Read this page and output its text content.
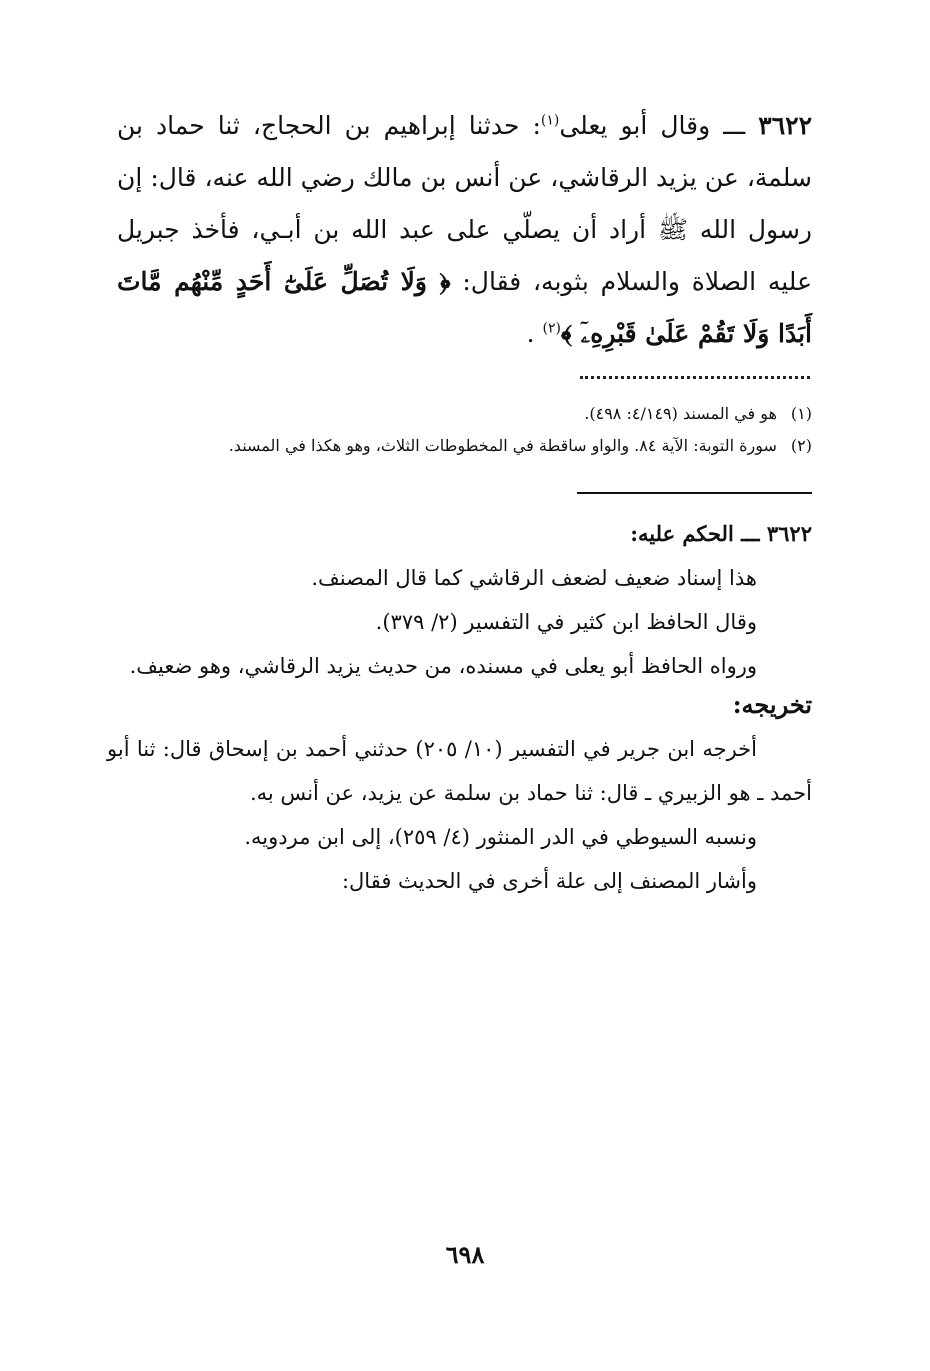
٣٦٢٢ ـــ وقال أبو يعلى$^{(١)}$: حدثنا إبراهيم بن الحجاج، ثنا حماد بن سلمة، عن يزيد الرقاشي، عن أنس بن مالك رضي الله عنه، قال: إن رسول الله ﷺ أراد أن يصلّي على عبد الله بن أبـي، فأخذ جبريل عليه الصلاة والسلام بثوبه، فقال: ﴿ وَلَا تُصَلِّ عَلَىٰٓ أَحَدٍ مِّنْهُم مَّاتَ أَبَدًا وَلَا تَقُمْ عَلَىٰ قَبْرِهِۦٓ ﴾$^{(٢)}$ .
(١)هو في المسند (٤/١٤٩: ٤٩٨).
(٢)سورة التوبة: الآية ٨٤. والواو ساقطة في المخطوطات الثلاث، وهو هكذا في المسند.
٣٦٢٢ ـــ الحكم عليه:
هذا إسناد ضعيف لضعف الرقاشي كما قال المصنف.
وقال الحافظ ابن كثير في التفسير (٢/ ٣٧٩).
ورواه الحافظ أبو يعلى في مسنده، من حديث يزيد الرقاشي، وهو ضعيف.
تخريجه:
أخرجه ابن جرير في التفسير (١٠/ ٢٠٥) حدثني أحمد بن إسحاق قال: ثنا أبو أحمد ـ هو الزبيري ـ قال: ثنا حماد بن سلمة عن يزيد، عن أنس به.
ونسبه السيوطي في الدر المنثور (٤/ ٢٥٩)، إلى ابن مردويه.
وأشار المصنف إلى علة أخرى في الحديث فقال:
٦٩٨
